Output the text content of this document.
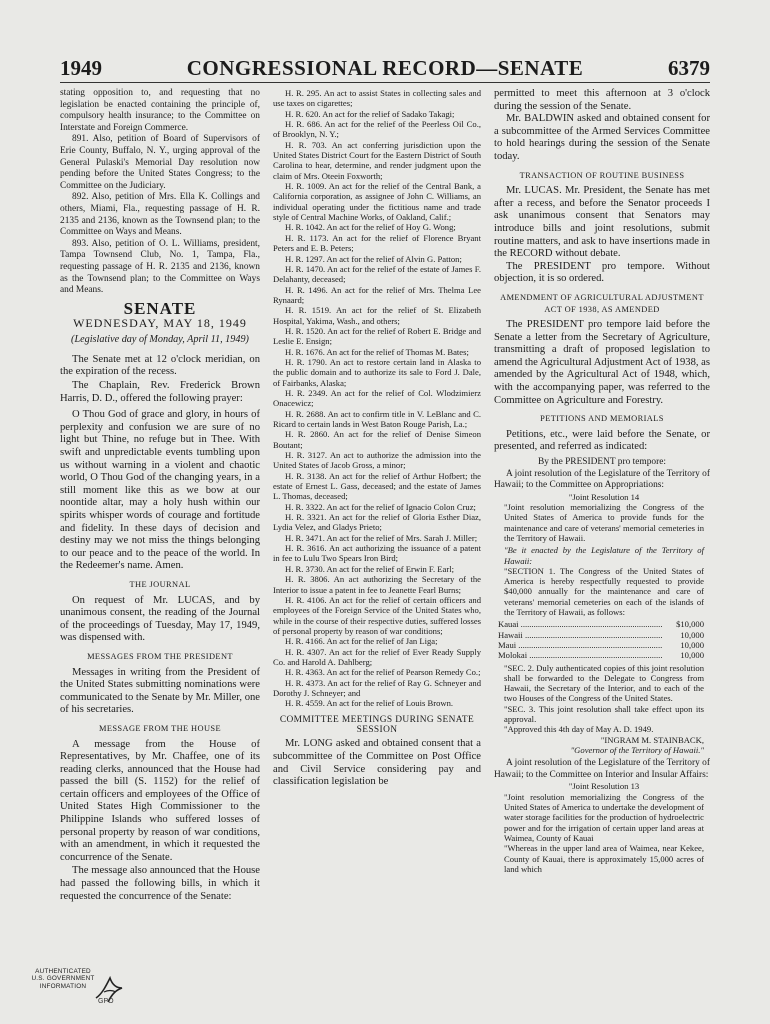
CONGRESSIONAL RECORD—SENATE
1949	6379

stating opposition to, and requesting that no legislation be enacted containing the principle of, compulsory health insurance; to the Committee on Interstate and Foreign Commerce.

891. Also, petition of Board of Supervisors of Erie County, Buffalo, N. Y., urging approval of the General Pulaski's Memorial Day resolution now pending before the United States Congress; to the Committee on the Judiciary.

892. Also, petition of Mrs. Ella K. Collings and others, Miami, Fla., requesting passage of H. R. 2135 and 2136, known as the Townsend plan; to the Committee on Ways and Means.

893. Also, petition of O. L. Williams, president, Tampa Townsend Club, No. 1, Tampa, Fla., requesting passage of H. R. 2135 and 2136, known as the Townsend plan; to the Committee on Ways and Means.

SENATE
WEDNESDAY, MAY 18, 1949
(Legislative day of Monday, April 11, 1949)

The Senate met at 12 o'clock meridian, on the expiration of the recess.

The Chaplain, Rev. Frederick Brown Harris, D. D., offered the following prayer:

O Thou God of grace and glory, in hours of perplexity and confusion we are sure of no light but Thine, no refuge but in Thee. With swift and unpredictable events tumbling upon us without warning in a violent and chaotic world, O Thou God of the changing years, in a still moment like this as we bow at our noontide altar, may a holy hush within our spirits whisper words of courage and fortitude and fidelity. In these days of decision and destiny may we not miss the things belonging to our peace and to the peace of the world. In the Redeemer's name. Amen.

THE JOURNAL

On request of Mr. LUCAS, and by unanimous consent, the reading of the Journal of the proceedings of Tuesday, May 17, 1949, was dispensed with.

MESSAGES FROM THE PRESIDENT

Messages in writing from the President of the United States submitting nominations were communicated to the Senate by Mr. Miller, one of his secretaries.

MESSAGE FROM THE HOUSE

A message from the House of Representatives, by Mr. Chaffee, one of its reading clerks, announced that the House had passed the bill (S. 1152) for the relief of certain officers and employees of the Office of United States High Commissioner to the Philippine Islands who suffered losses of personal property by reason of war conditions, with an amendment, in which it requested the concurrence of the Senate.

The message also announced that the House had passed the following bills, in which it requested the concurrence of the Senate:

H. R. 295. An act to assist States in collecting sales and use taxes on cigarettes;

H. R. 620. An act for the relief of Sadako Takagi;

H. R. 686. An act for the relief of the Peerless Oil Co., of Brooklyn, N. Y.;

H. R. 703. An act conferring jurisdiction upon the United States District Court for the Eastern District of South Carolina to hear, determine, and render judgment upon the claim of Mrs. Oteein Foxworth;

H. R. 1009. An act for the relief of the Central Bank, a California corporation, as assignee of John C. Williams, an individual operating under the fictitious name and trade style of Central Machine Works, of Oakland, Calif.;

H. R. 1042. An act for the relief of Hoy G. Wong;

H. R. 1173. An act for the relief of Florence Bryant Peters and E. B. Peters;

H. R. 1297. An act for the relief of Alvin G. Patton;

H. R. 1470. An act for the relief of the estate of James F. Delahanty, deceased;

H. R. 1496. An act for the relief of Mrs. Thelma Lee Rynaard;

H. R. 1519. An act for the relief of St. Elizabeth Hospital, Yakima, Wash., and others;

H. R. 1520. An act for the relief of Robert E. Bridge and Leslie E. Ensign;

H. R. 1676. An act for the relief of Thomas M. Bates;

H. R. 1790. An act to restore certain land in Alaska to the public domain and to authorize its sale to Ford J. Dale, of Fairbanks, Alaska;

H. R. 2349. An act for the relief of Col. Wlodzimierz Onacewicz;

H. R. 2688. An act to confirm title in V. LeBlanc and C. Ricard to certain lands in West Baton Rouge Parish, La.;

H. R. 2860. An act for the relief of Denise Simeon Boutant;

H. R. 3127. An act to authorize the admission into the United States of Jacob Gross, a minor;

H. R. 3138. An act for the relief of Arthur Hofbert; the estate of Ernest L. Gass, deceased; and the estate of James L. Thomas, deceased;

H. R. 3322. An act for the relief of Ignacio Colon Cruz;

H. R. 3321. An act for the relief of Gloria Esther Diaz, Lydia Velez, and Gladys Prieto;

H. R. 3471. An act for the relief of Mrs. Sarah J. Miller;

H. R. 3616. An act authorizing the issuance of a patent in fee to Lulu Two Spears Iron Bird;

H. R. 3730. An act for the relief of Erwin F. Earl;

H. R. 3806. An act authorizing the Secretary of the Interior to issue a patent in fee to Jeanette Fearl Burns;

H. R. 4106. An act for the relief of certain officers and employees of the Foreign Service of the United States who, while in the course of their respective duties, suffered losses of personal property by reason of war conditions;

H. R. 4166. An act for the relief of Jan Liga;

H. R. 4307. An act for the relief of Ever Ready Supply Co. and Harold A. Dahlberg;

H. R. 4363. An act for the relief of Pearson Remedy Co.;

H. R. 4373. An act for the relief of Ray G. Schneyer and Dorothy J. Schneyer; and

H. R. 4559. An act for the relief of Louis Brown.

COMMITTEE MEETINGS DURING SENATE SESSION

Mr. LONG asked and obtained consent that a subcommittee of the Committee on Post Office and Civil Service considering pay and classification legislation be

permitted to meet this afternoon at 3 o'clock during the session of the Senate.

Mr. BALDWIN asked and obtained consent for a subcommittee of the Armed Services Committee to hold hearings during the session of the Senate today.

TRANSACTION OF ROUTINE BUSINESS

Mr. LUCAS. Mr. President, the Senate has met after a recess, and before the Senator proceeds I ask unanimous consent that Senators may introduce bills and joint resolutions, submit routine matters, and ask to have insertions made in the RECORD without debate.

The PRESIDENT pro tempore. Without objection, it is so ordered.

AMENDMENT OF AGRICULTURAL ADJUSTMENT ACT OF 1938, AS AMENDED

The PRESIDENT pro tempore laid before the Senate a letter from the Secretary of Agriculture, transmitting a draft of proposed legislation to amend the Agricultural Adjustment Act of 1938, as amended by the Agricultural Act of 1948, which, with the accompanying paper, was referred to the Committee on Agriculture and Forestry.

PETITIONS AND MEMORIALS

Petitions, etc., were laid before the Senate, or presented, and referred as indicated:

By the PRESIDENT pro tempore:

A joint resolution of the Legislature of the Territory of Hawaii; to the Committee on Appropriations:

"Joint Resolution 14

"Joint resolution memorializing the Congress of the United States of America to provide funds for the maintenance and care of veterans' memorial cemeteries in the Territory of Hawaii.

"Be it enacted by the Legislature of the Territory of Hawaii:

"SECTION 1. The Congress of the United States of America is hereby respectfully requested to provide $40,000 annually for the maintenance and care of veterans' memorial cemeteries on each of the islands of the Territory of Hawaii, as follows:

Kauai .....	$10,000
Hawaii .....	10,000
Maui .....	10,000
Molokai .....	10,000

"SEC. 2. Duly authenticated copies of this joint resolution shall be forwarded to the Delegate to Congress from Hawaii, the Secretary of the Interior, and to each of the two Houses of the Congress of the United States.

"SEC. 3. This joint resolution shall take effect upon its approval.

"Approved this 4th day of May A. D. 1949.

"INGRAM M. STAINBACK,

"Governor of the Territory of Hawaii."

A joint resolution of the Legislature of the Territory of Hawaii; to the Committee on Interior and Insular Affairs:

"Joint Resolution 13

"Joint resolution memorializing the Congress of the United States of America to undertake the development of water storage facilities for the production of hydroelectric power and for the irrigation of certain upper land areas at Waimea, County of Kauai

"Whereas in the upper land area of Waimea, near Kekee, County of Kauai, there is approximately 15,000 acres of land which

AUTHENTICATED U.S. GOVERNMENT INFORMATION
GPO
